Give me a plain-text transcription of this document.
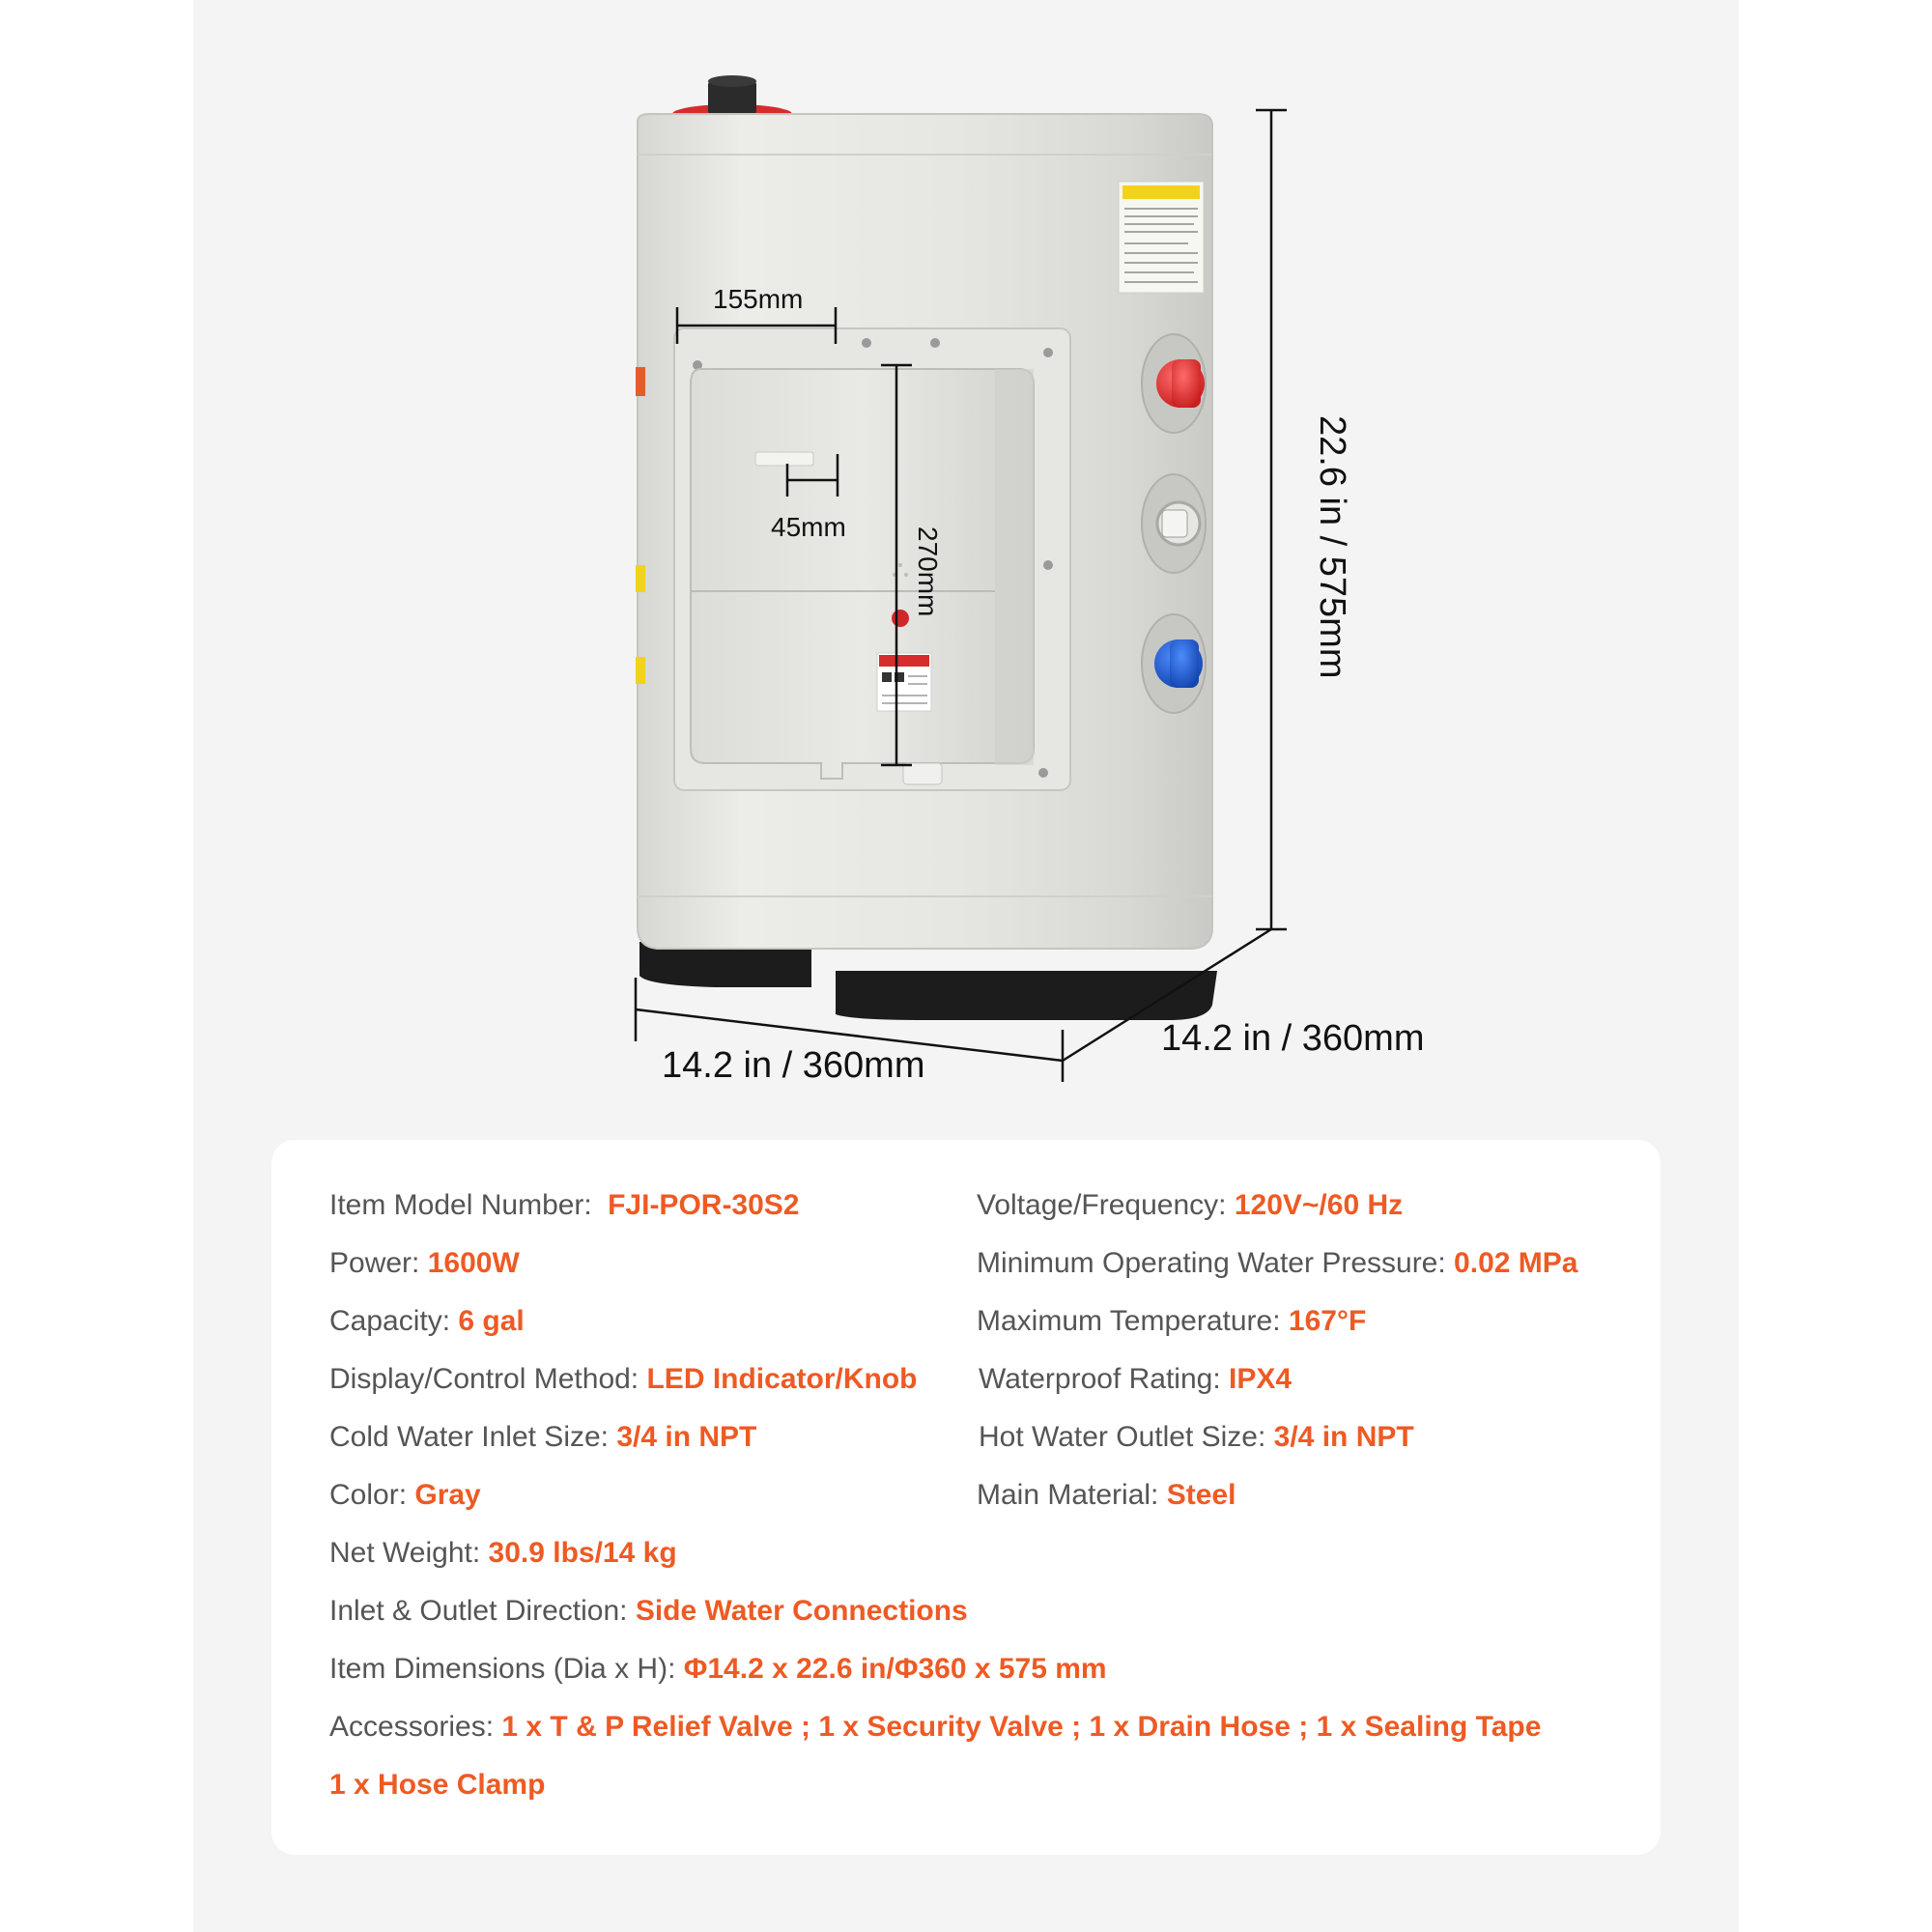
22.6 in / 575mm
14.2 in / 360mm
14.2 in / 360mm
155mm
270mm
45mm
Item Model Number: FJI-POR-30S2
Power: 1600W
Capacity: 6 gal
Display/Control Method: LED Indicator/Knob
Cold Water Inlet Size: 3/4 in NPT
Color: Gray
Voltage/Frequency: 120V~/60 Hz
Minimum Operating Water Pressure: 0.02 MPa
Maximum Temperature: 167°F
Waterproof Rating: IPX4
Hot Water Outlet Size: 3/4 in NPT
Main Material: Steel
Net Weight: 30.9 lbs/14 kg
Inlet & Outlet Direction: Side Water Connections
Item Dimensions (Dia x H): Φ14.2 x 22.6 in/Φ360 x 575 mm
Accessories: 1 x T & P Relief Valve ; 1 x Security Valve ; 1 x Drain Hose ; 1 x Sealing Tape
1 x Hose Clamp
